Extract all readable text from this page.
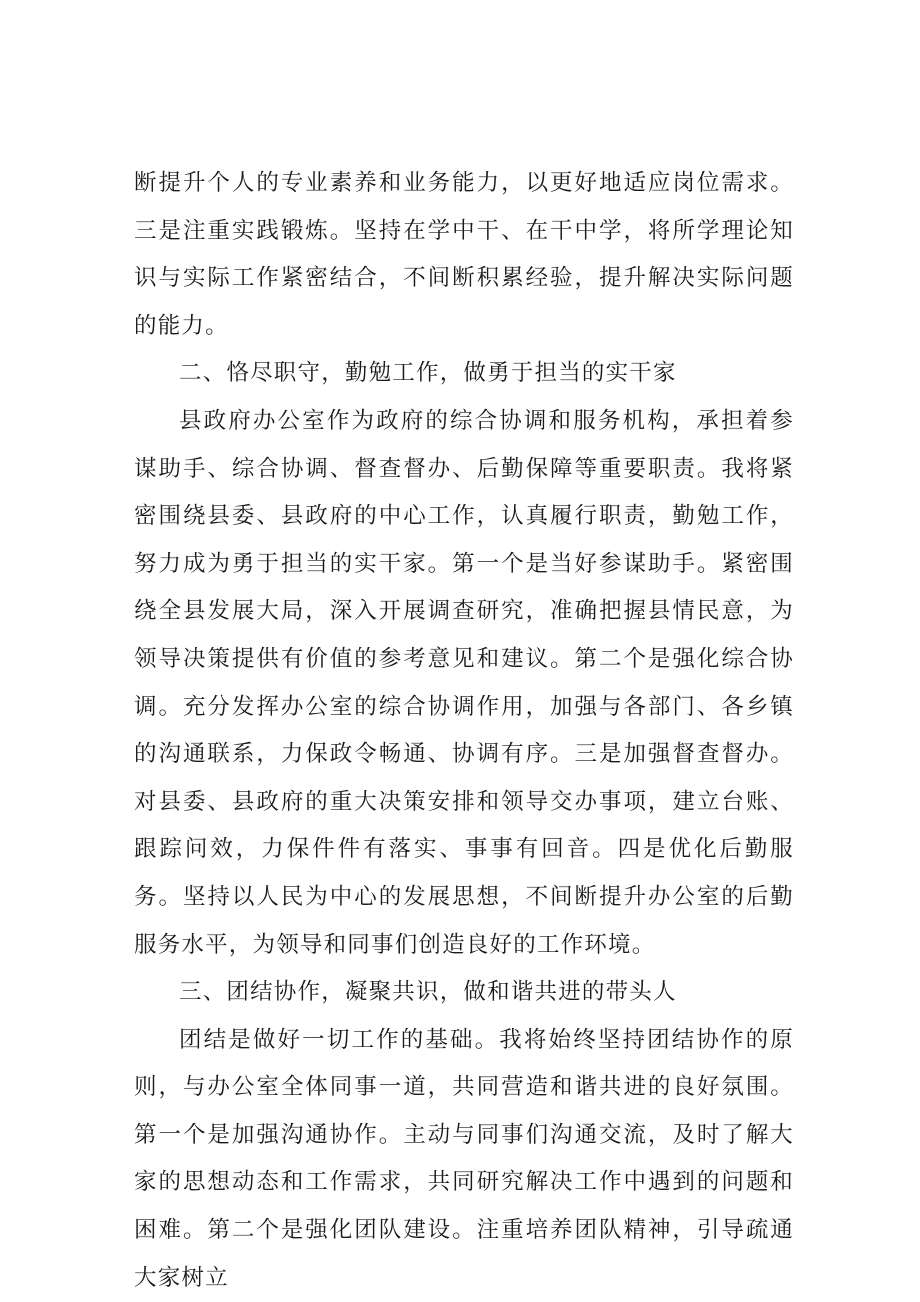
断提升个人的专业素养和业务能力，以更好地适应岗位需求。三是注重实践锻炼。坚持在学中干、在干中学，将所学理论知识与实际工作紧密结合，不间断积累经验，提升解决实际问题的能力。

二、恪尽职守，勤勉工作，做勇于担当的实干家

县政府办公室作为政府的综合协调和服务机构，承担着参谋助手、综合协调、督查督办、后勤保障等重要职责。我将紧密围绕县委、县政府的中心工作，认真履行职责，勤勉工作，努力成为勇于担当的实干家。第一个是当好参谋助手。紧密围绕全县发展大局，深入开展调查研究，准确把握县情民意，为领导决策提供有价值的参考意见和建议。第二个是强化综合协调。充分发挥办公室的综合协调作用，加强与各部门、各乡镇的沟通联系，力保政令畅通、协调有序。三是加强督查督办。对县委、县政府的重大决策安排和领导交办事项，建立台账、跟踪问效，力保件件有落实、事事有回音。四是优化后勤服务。坚持以人民为中心的发展思想，不间断提升办公室的后勤服务水平，为领导和同事们创造良好的工作环境。

三、团结协作，凝聚共识，做和谐共进的带头人

团结是做好一切工作的基础。我将始终坚持团结协作的原则，与办公室全体同事一道，共同营造和谐共进的良好氛围。第一个是加强沟通协作。主动与同事们沟通交流，及时了解大家的思想动态和工作需求，共同研究解决工作中遇到的问题和困难。第二个是强化团队建设。注重培养团队精神，引导疏通大家树立
